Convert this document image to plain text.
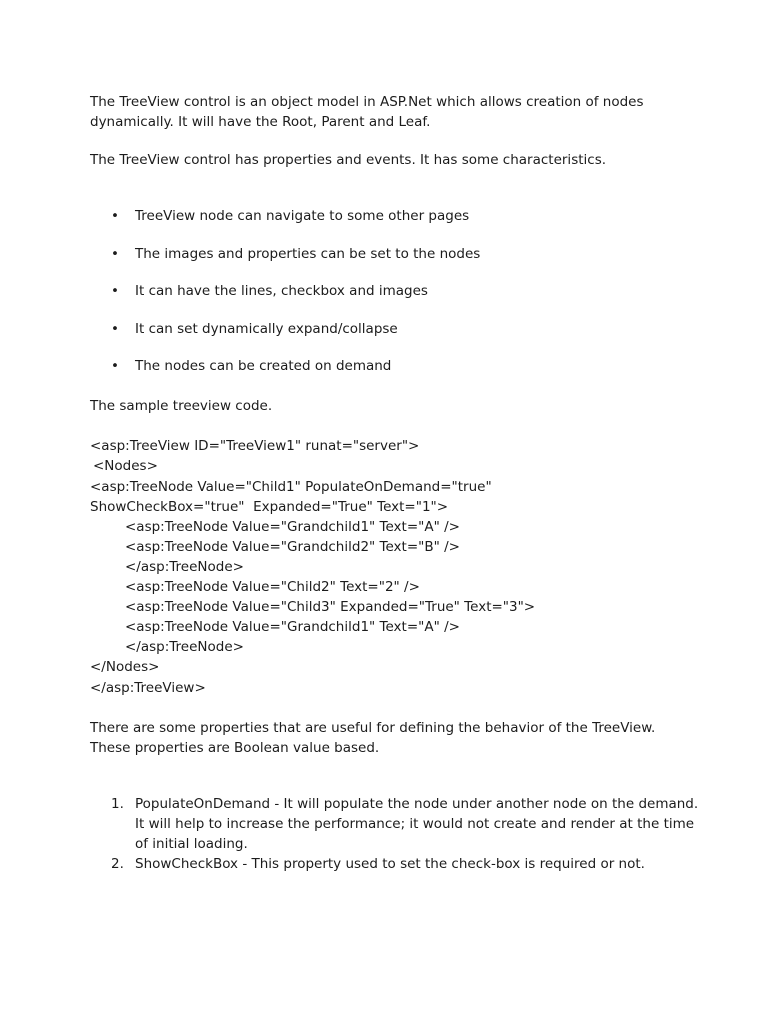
The TreeView control is an object model in ASP.Net which allows creation of nodes dynamically. It will have the Root, Parent and Leaf.

The TreeView control has properties and events. It has some characteristics.

• TreeView node can navigate to some other pages
• The images and properties can be set to the nodes
• It can have the lines, checkbox and images
• It can set dynamically expand/collapse
• The nodes can be created on demand

The sample treeview code.

<asp:TreeView ID="TreeView1" runat="server">
<Nodes>
<asp:TreeNode Value="Child1" PopulateOnDemand="true"
ShowCheckBox="true"  Expanded="True" Text="1">
<asp:TreeNode Value="Grandchild1" Text="A" />
<asp:TreeNode Value="Grandchild2" Text="B" />
</asp:TreeNode>
<asp:TreeNode Value="Child2" Text="2" />
<asp:TreeNode Value="Child3" Expanded="True" Text="3">
<asp:TreeNode Value="Grandchild1" Text="A" />
</asp:TreeNode>
</Nodes>
</asp:TreeView>

There are some properties that are useful for defining the behavior of the TreeView. These properties are Boolean value based.

1. PopulateOnDemand - It will populate the node under another node on the demand. It will help to increase the performance; it would not create and render at the time of initial loading.
2. ShowCheckBox - This property used to set the check-box is required or not.
